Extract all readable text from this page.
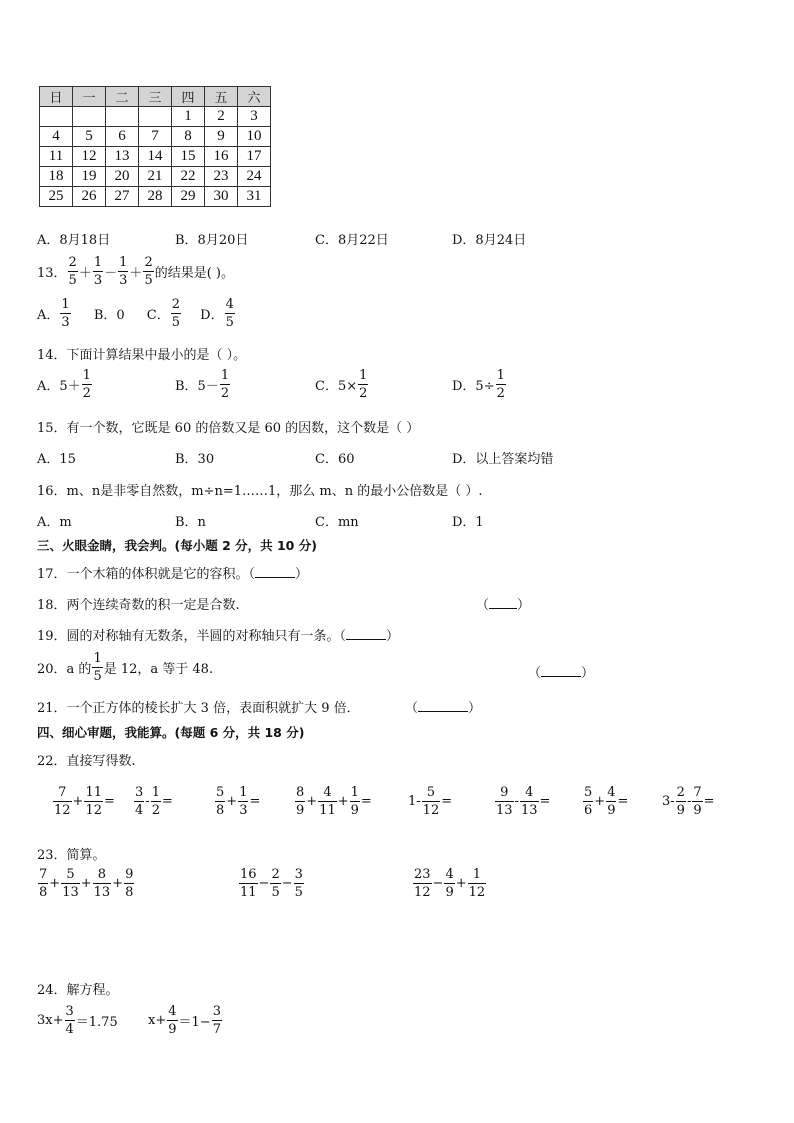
日	一	二	三	四	五	六
				1	2	3
4	5	6	7	8	9	10
11	12	13	14	15	16	17
18	19	20	21	22	23	24
25	26	27	28	29	30	31
A．8月18日	B．8月20日	C．8月22日	D．8月24日
13． $\frac{2}{5} + \frac{1}{3} - \frac{1}{3} + \frac{2}{5}$ 的结果是( )。
A． $\frac{1}{3}$ B．0 C． $\frac{2}{5}$ D． $\frac{4}{5}$
14．下面计算结果中最小的是（ ）。
A．$5+ \frac{1}{2}$	B．$5- \frac{1}{2}$	C．$5\times \frac{1}{2}$	D．$5\div \frac{1}{2}$
15．有一个数，它既是 60 的倍数又是 60 的因数，这个数是（ ）
A．15	B．30	C．60	D．以上答案均错
16．m、n是非零自然数，m÷n=1……1，那么 m、n 的最小公倍数是（ ）.
A．m	B．n	C．mn	D．1
三、火眼金睛，我会判。(每小题 2 分，共 10 分)
17．一个木箱的体积就是它的容积。（	）
18．两个连续奇数的积一定是合数.	（ ）
19．圆的对称轴有无数条，半圆的对称轴只有一条。（	）
20．a 的 $\frac{1}{5}$ 是 12，a 等于 48.	（	）
21．一个正方体的棱长扩大 3 倍，表面积就扩大 9 倍．	（	）
四、细心审题，我能算。(每题 6 分，共 18 分)
22．直接写得数.
$\frac{7}{12} + \frac{11}{12} = \frac{3}{4} - \frac{1}{2}$ =	$\frac{5}{8} + \frac{1}{3}$ =	$\frac{8}{9} + \frac{4}{11} + \frac{1}{9}$ =	$1- \frac{5}{12}$ =	$\frac{9}{13} - \frac{4}{13}$ =	$\frac{5}{6} + \frac{4}{9}$ =	$3- \frac{2}{9} - \frac{7}{9}$ =
23．简算。
$\frac{7}{8} + \frac{5}{13} + \frac{8}{13} + \frac{9}{8}$	$\frac{16}{11} - \frac{2}{5} - \frac{3}{5}$	$\frac{23}{12} - \frac{4}{9} + \frac{1}{12}$
24．解方程。
$3x+ \frac{3}{4} =1.75$ $x+ \frac{4}{9} =1- \frac{3}{7}$
